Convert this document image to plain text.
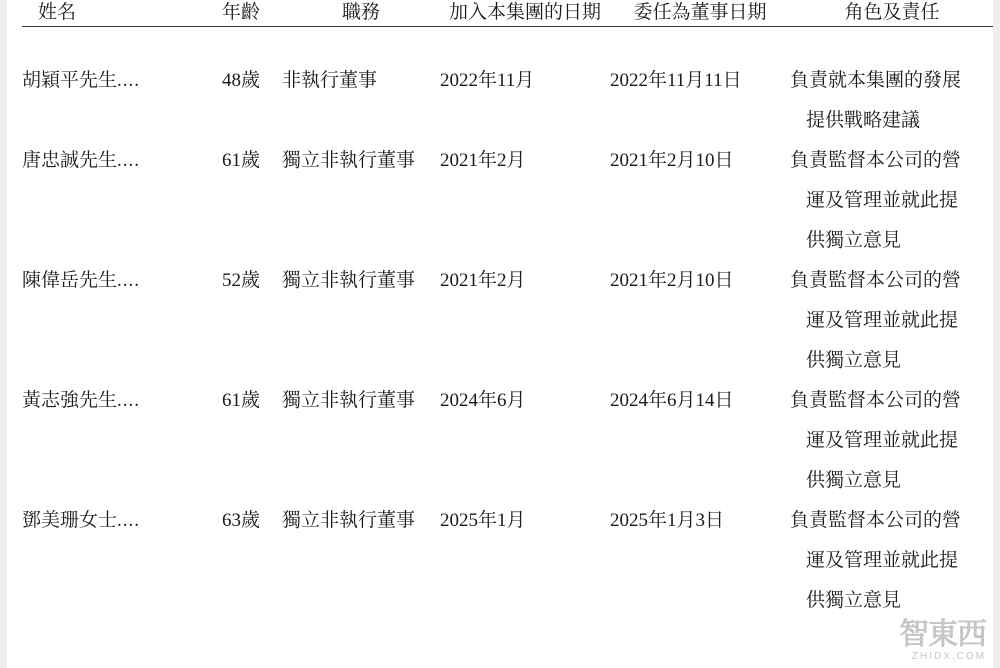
姓名	年齡	職務	加入本集團的日期	委任為董事日期	角色及責任
胡穎平先生....	48歲	非執行董事	2022年11月	2022年11月11日	負責就本集團的發展
提供戰略建議

唐忠誠先生....	61歲	獨立非執行董事	2021年2月	2021年2月10日	負責監督本公司的營
運及管理並就此提
供獨立意見

陳偉岳先生....	52歲	獨立非執行董事	2021年2月	2021年2月10日	負責監督本公司的營
運及管理並就此提
供獨立意見

黃志強先生....	61歲	獨立非執行董事	2024年6月	2024年6月14日	負責監督本公司的營
運及管理並就此提
供獨立意見

鄧美珊女士....	63歲	獨立非執行董事	2025年1月	2025年1月3日	負責監督本公司的營
運及管理並就此提
供獨立意見
智東西
ZHIDX.COM
